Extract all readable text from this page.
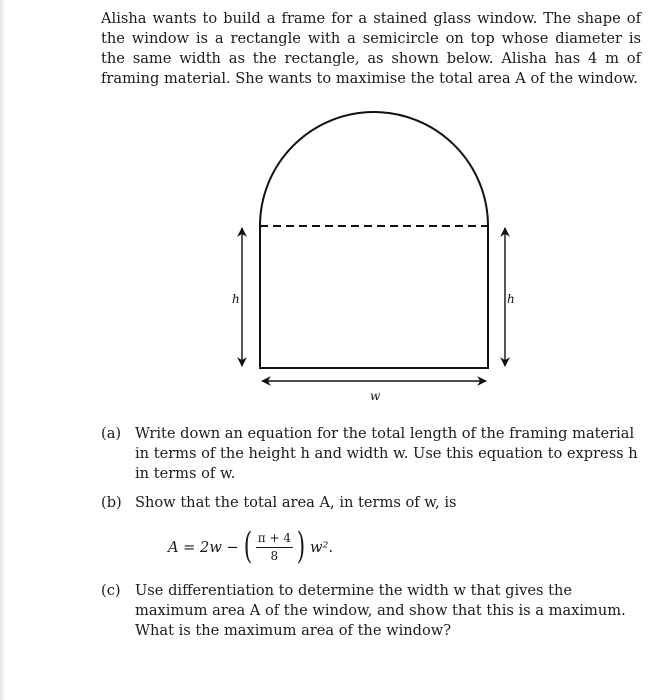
Alisha wants to build a frame for a stained glass window. The shape of the window is a rectangle with a semicircle on top whose diameter is the same width as the rectangle, as shown below. Alisha has 4 m of framing material. She wants to maximise the total area A of the window.

h	h
w
(a) Write down an equation for the total length of the framing material in terms of the height h and width w. Use this equation to express h in terms of w.
(b) Show that the total area A, in terms of w, is
A = 2w − ( $\frac{\pi + 4}{8}$ ) w².
(c) Use differentiation to determine the width w that gives the maximum area A of the window, and show that this is a maximum. What is the maximum area of the window?
